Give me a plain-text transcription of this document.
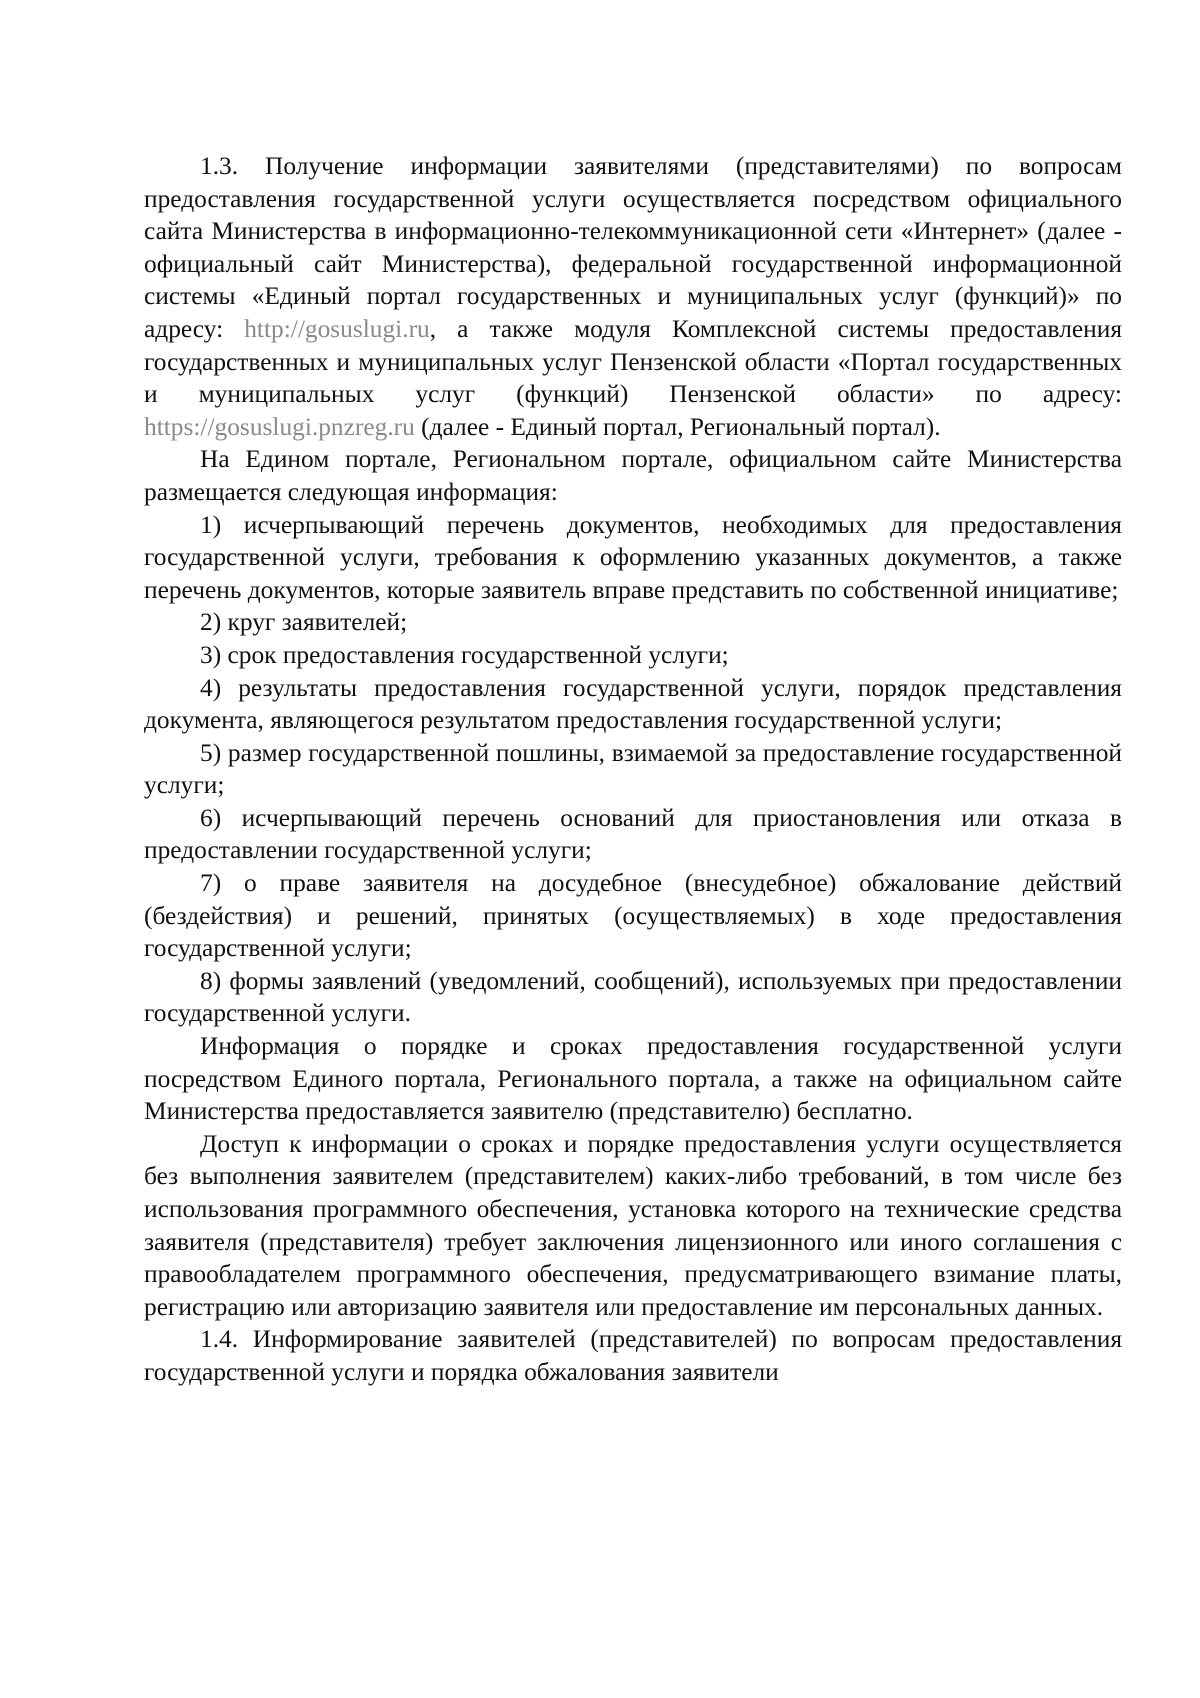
1.3. Получение информации заявителями (представителями) по вопросам предоставления государственной услуги осуществляется посредством официального сайта Министерства в информационно-телекоммуникационной сети «Интернет» (далее - официальный сайт Министерства), федеральной государственной информационной системы «Единый портал государственных и муниципальных услуг (функций)» по адресу: http://gosuslugi.ru, а также модуля Комплексной системы предоставления государственных и муниципальных услуг Пензенской области «Портал государственных и муниципальных услуг (функций) Пензенской области» по адресу: https://gosuslugi.pnzreg.ru (далее - Единый портал, Региональный портал).

На Едином портале, Региональном портале, официальном сайте Министерства размещается следующая информация:

1) исчерпывающий перечень документов, необходимых для предоставления государственной услуги, требования к оформлению указанных документов, а также перечень документов, которые заявитель вправе представить по собственной инициативе;

2) круг заявителей;

3) срок предоставления государственной услуги;

4) результаты предоставления государственной услуги, порядок представления документа, являющегося результатом предоставления государственной услуги;

5) размер государственной пошлины, взимаемой за предоставление государственной услуги;

6) исчерпывающий перечень оснований для приостановления или отказа в предоставлении государственной услуги;

7) о праве заявителя на досудебное (внесудебное) обжалование действий (бездействия) и решений, принятых (осуществляемых) в ходе предоставления государственной услуги;

8) формы заявлений (уведомлений, сообщений), используемых при предоставлении государственной услуги.

Информация о порядке и сроках предоставления государственной услуги посредством Единого портала, Регионального портала, а также на официальном сайте Министерства предоставляется заявителю (представителю) бесплатно.

Доступ к информации о сроках и порядке предоставления услуги осуществляется без выполнения заявителем (представителем) каких-либо требований, в том числе без использования программного обеспечения, установка которого на технические средства заявителя (представителя) требует заключения лицензионного или иного соглашения с правообладателем программного обеспечения, предусматривающего взимание платы, регистрацию или авторизацию заявителя или предоставление им персональных данных.

1.4. Информирование заявителей (представителей) по вопросам предоставления государственной услуги и порядка обжалования заявители
